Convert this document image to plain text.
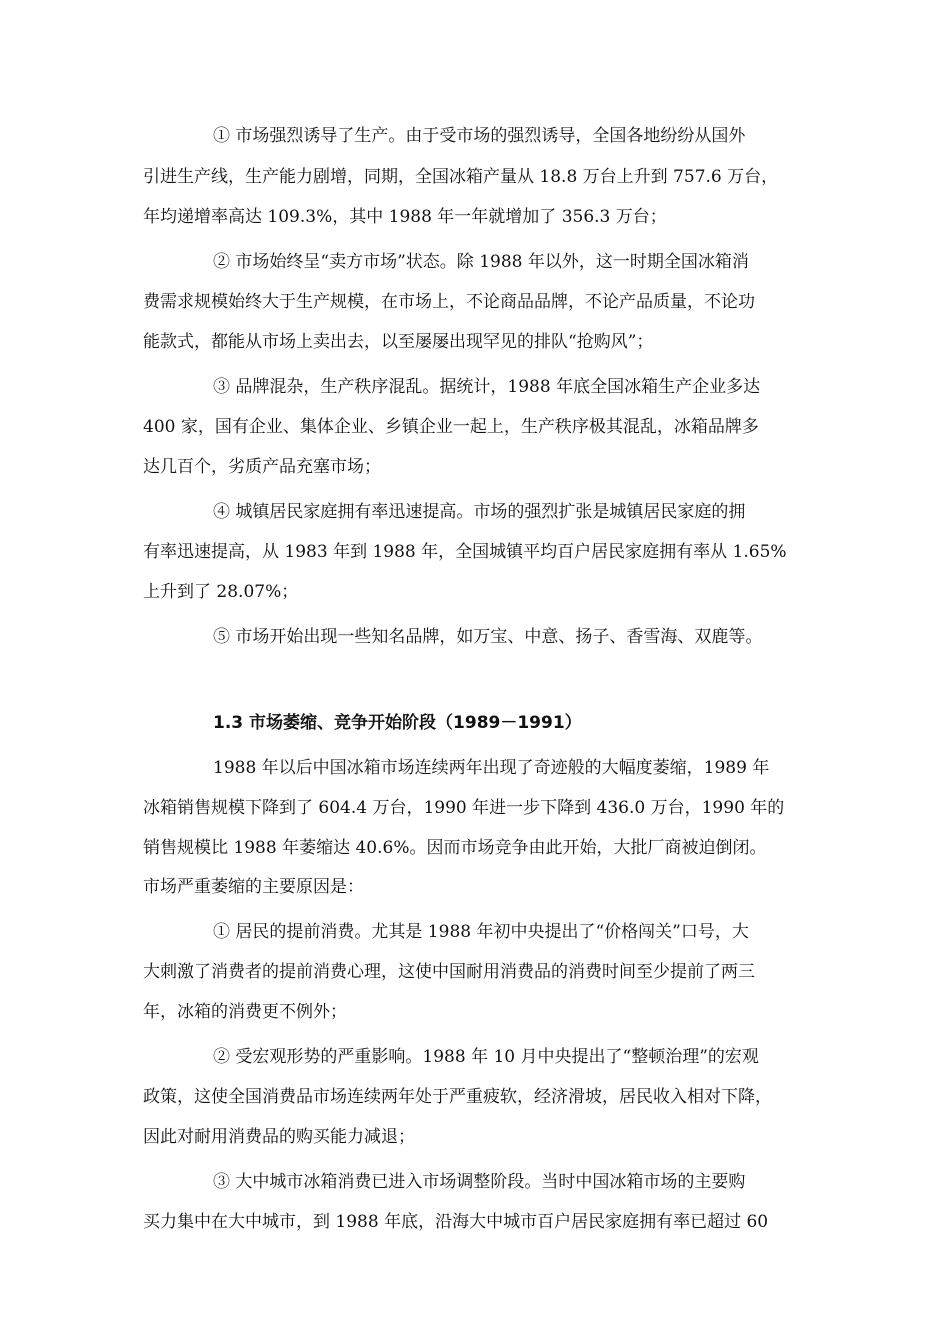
① 市场强烈诱导了生产。由于受市场的强烈诱导，全国各地纷纷从国外
引进生产线，生产能力剧增，同期，全国冰箱产量从 18.8 万台上升到 757.6 万台，
年均递增率高达 109.3%，其中 1988 年一年就增加了 356.3 万台；
② 市场始终呈“卖方市场”状态。除 1988 年以外，这一时期全国冰箱消
费需求规模始终大于生产规模，在市场上，不论商品品牌，不论产品质量，不论功
能款式，都能从市场上卖出去，以至屡屡出现罕见的排队“抢购风”；
③ 品牌混杂，生产秩序混乱。据统计，1988 年底全国冰箱生产企业多达
400 家，国有企业、集体企业、乡镇企业一起上，生产秩序极其混乱，冰箱品牌多
达几百个，劣质产品充塞市场；
④ 城镇居民家庭拥有率迅速提高。市场的强烈扩张是城镇居民家庭的拥
有率迅速提高，从 1983 年到 1988 年，全国城镇平均百户居民家庭拥有率从 1.65%
上升到了 28.07%；
⑤ 市场开始出现一些知名品牌，如万宝、中意、扬子、香雪海、双鹿等。
1.3 市场萎缩、竞争开始阶段（1989－1991）
1988 年以后中国冰箱市场连续两年出现了奇迹般的大幅度萎缩，1989 年
冰箱销售规模下降到了 604.4 万台，1990 年进一步下降到 436.0 万台，1990 年的
销售规模比 1988 年萎缩达 40.6%。因而市场竞争由此开始，大批厂商被迫倒闭。
市场严重萎缩的主要原因是：
① 居民的提前消费。尤其是 1988 年初中央提出了“价格闯关”口号，大
大刺激了消费者的提前消费心理，这使中国耐用消费品的消费时间至少提前了两三
年，冰箱的消费更不例外；
② 受宏观形势的严重影响。1988 年 10 月中央提出了“整顿治理”的宏观
政策，这使全国消费品市场连续两年处于严重疲软，经济滑坡，居民收入相对下降，
因此对耐用消费品的购买能力减退；
③ 大中城市冰箱消费已进入市场调整阶段。当时中国冰箱市场的主要购
买力集中在大中城市，到 1988 年底，沿海大中城市百户居民家庭拥有率已超过 60
